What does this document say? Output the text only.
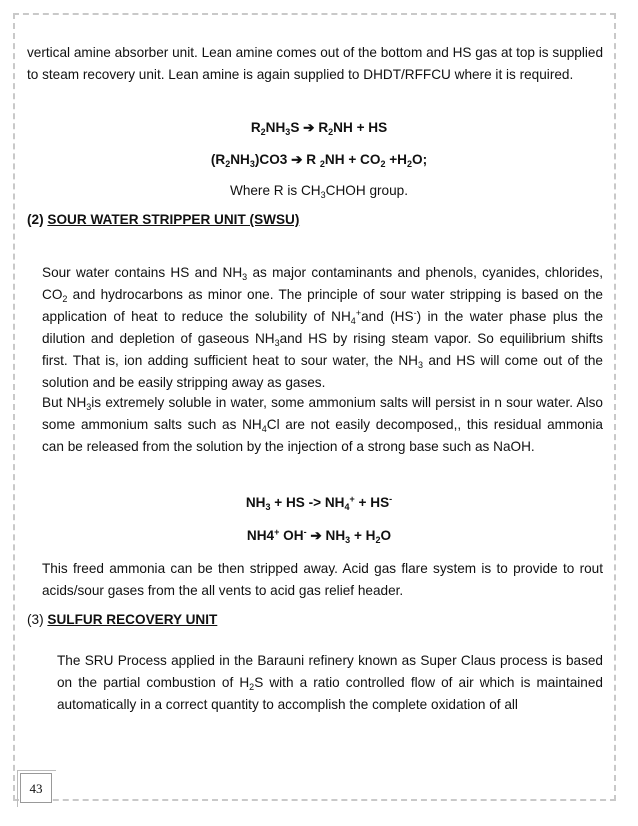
vertical amine absorber unit. Lean amine comes out of the bottom and HS gas at top is supplied to steam recovery unit. Lean amine is again supplied to DHDT/RFFCU where it is required.

$R_2NH_3S$ ➔ $R_2NH$ + HS

$(R_2NH_3)CO3$ ➔ R $_2NH + CO_2 +H_2O$;

Where R is $CH_3CHOH$ group.

(2) SOUR WATER STRIPPER UNIT (SWSU)

Sour water contains HS and $NH_3$ as major contaminants and phenols, cyanides, chlorides, $CO_2$ and hydrocarbons as minor one. The principle of sour water stripping is based on the application of heat to reduce the solubility of $NH_4^+and$ (HS-) in the water phase plus the dilution and depletion of gaseous $NH_3and$ HS by rising steam vapor. So equilibrium shifts first. That is, ion adding sufficient heat to sour water, the $NH_3$ and HS will come out of the solution and be easily stripping away as gases.

But $NH_3is$ extremely soluble in water, some ammonium salts will persist in n sour water. Also some ammonium salts such as $NH_4Cl$ are not easily decomposed,, this residual ammonia can be released from the solution by the injection of a strong base such as NaOH.

$NH_3$ + HS -> $NH_4^+ + HS^-$

NH4+ OH- ➔ $NH_3 + H_2O$

This freed ammonia can be then stripped away. Acid gas flare system is to provide to rout acids/sour gases from the all vents to acid gas relief header.

(3) SULFUR RECOVERY UNIT

The SRU Process applied in the Barauni refinery known as Super Claus process is based on the partial combustion of $H_2S$ with a ratio controlled flow of air which is maintained automatically in a correct quantity to accomplish the complete oxidation of all

43
